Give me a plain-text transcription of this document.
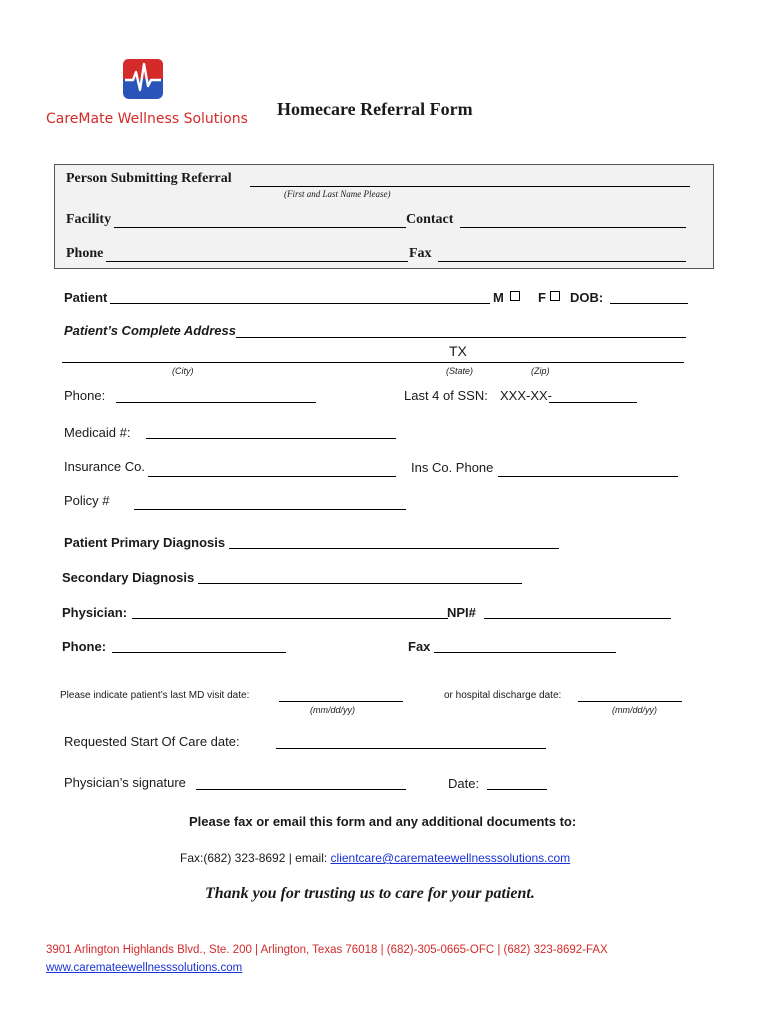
CareMate Wellness Solutions Homecare Referral Form
Person Submitting Referral
(First and Last Name Please)
Facility	Contact
Phone	Fax
Patient	M	F DOB:
Patient’s Complete Address
TX
(City)	(State)	(Zip)
Phone:	Last 4 of SSN: XXX-XX-
Medicaid #:
Insurance Co.	Ins Co. Phone
Policy #
Patient Primary Diagnosis
Secondary Diagnosis
Physician:	NPI#
Phone:	Fax
Please indicate patient’s last MD visit date:
(mm/dd/yy)
or hospital discharge date:
(mm/dd/yy)
Requested Start Of Care date:
Physician’s signature	Date:
Please fax or email this form and any additional documents to:
Fax:(682) 323-8692 | email: clientcare@caremateewellnesssolutions.com
Thank you for trusting us to care for your patient.
3901 Arlington Highlands Blvd., Ste. 200 | Arlington, Texas 76018 | (682)-305-0665-OFC | (682) 323-8692-FAX
www.caremateewellnesssolutions.com
